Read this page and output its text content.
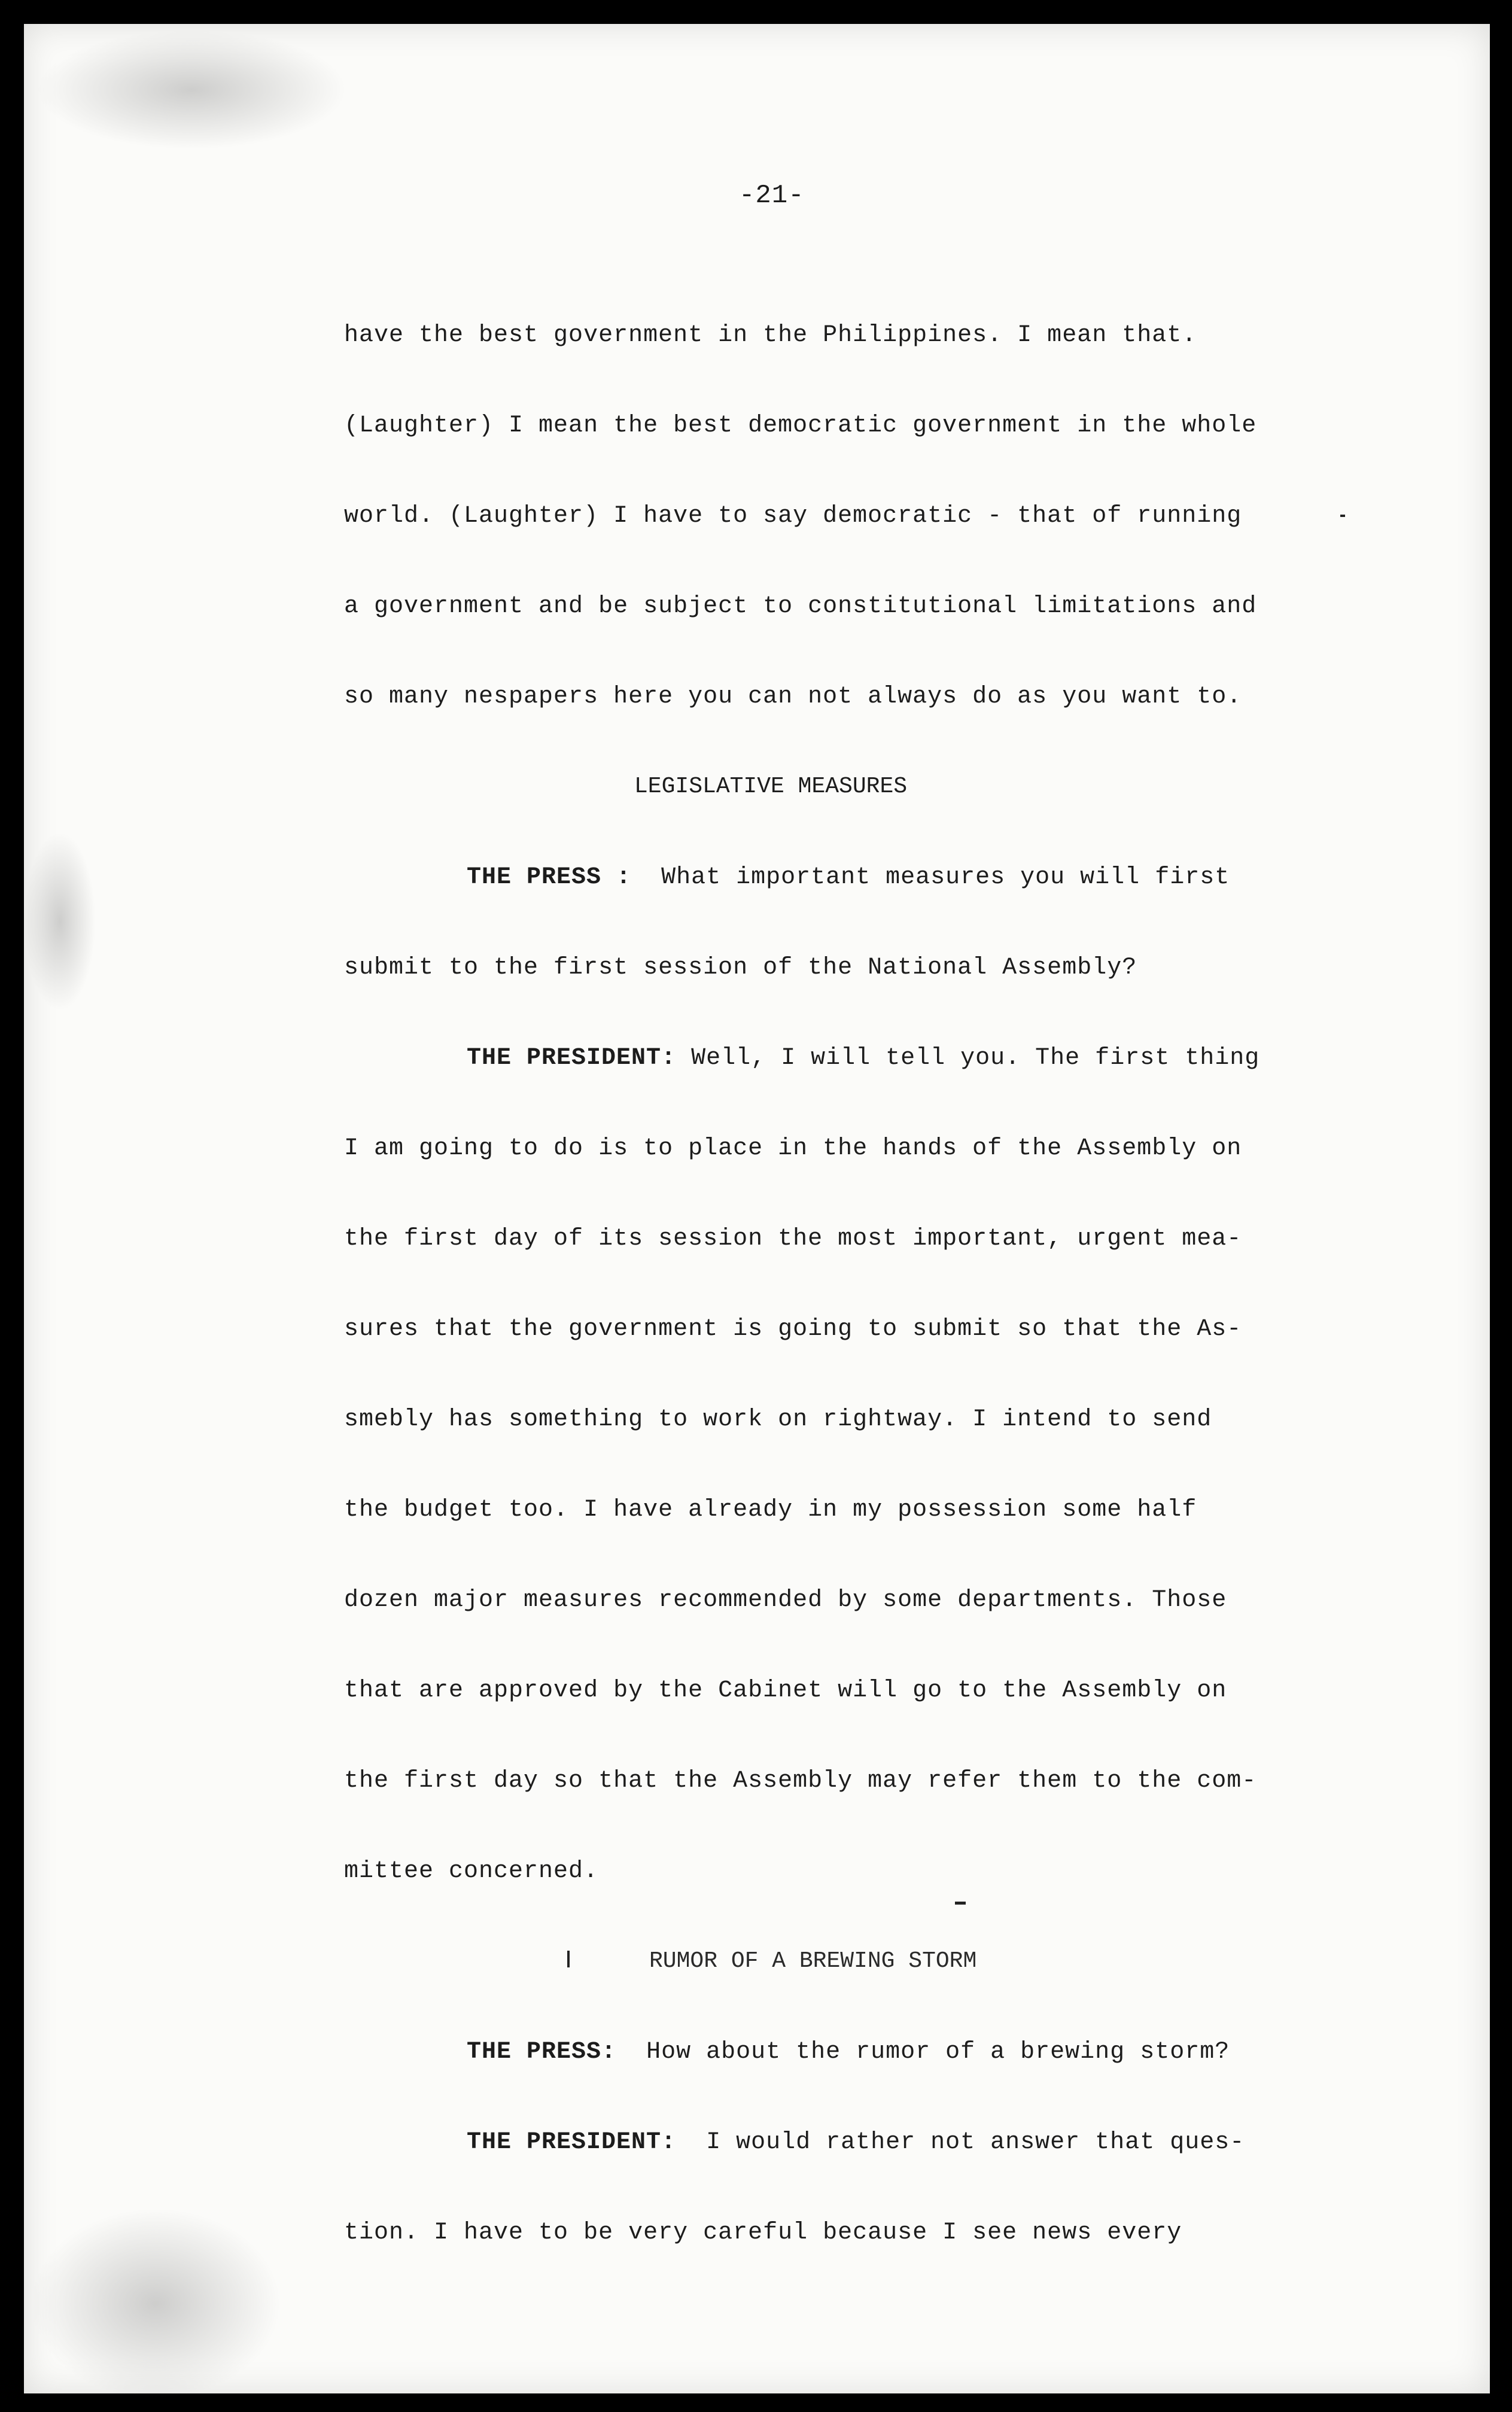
-21-
have the best government in the Philippines. I mean that.
(Laughter) I mean the best democratic government in the whole
world. (Laughter) I have to say democratic - that of running
a government and be subject to constitutional limitations and
so many nespapers here you can not always do as you want to.
LEGISLATIVE MEASURES
THE PRESS : What important measures you will first
submit to the first session of the National Assembly?
THE PRESIDENT: Well, I will tell you. The first thing
I am going to do is to place in the hands of the Assembly on
the first day of its session the most important, urgent mea-
sures that the government is going to submit so that the As-
smebly has something to work on rightway. I intend to send
the budget too. I have already in my possession some half
dozen major measures recommended by some departments. Those
that are approved by the Cabinet will go to the Assembly on
the first day so that the Assembly may refer them to the com-
mittee concerned.
RUMOR OF A BREWING STORM
THE PRESS: How about the rumor of a brewing storm?
THE PRESIDENT: I would rather not answer that ques-
tion. I have to be very careful because I see news every
